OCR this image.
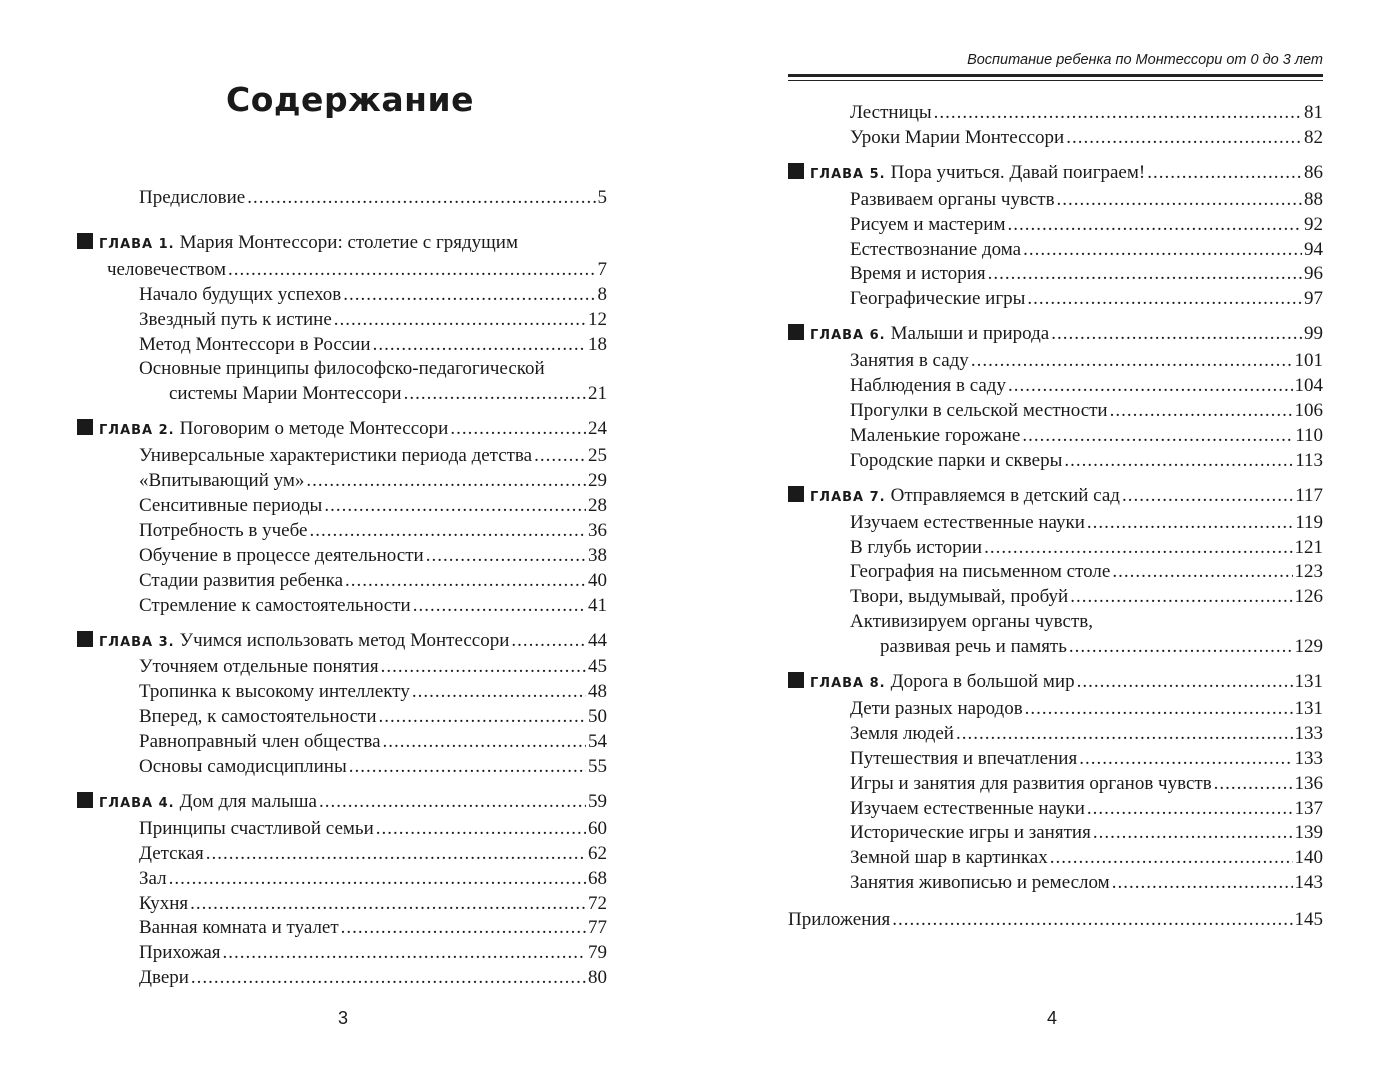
Содержание
Предисловие .....	5
ГЛАВА 1. Мария Монтессори: столетие с грядущим
человечеством .....	7
Начало будущих успехов .....	8
Звездный путь к истине .....	12
Метод Монтессори в России .....	18
Основные принципы философско-педагогической
системы Марии Монтессори .....	21
ГЛАВА 2. Поговорим о методе Монтессори .....	24
Универсальные характеристики периода детства .....	25
«Впитывающий ум» .....	29
Сенситивные периоды .....	28
Потребность в учебе .....	36
Обучение в процессе деятельности .....	38
Стадии развития ребенка .....	40
Стремление к самостоятельности .....	41
ГЛАВА 3. Учимся использовать метод Монтессори .....	44
Уточняем отдельные понятия .....	45
Тропинка к высокому интеллекту .....	48
Вперед, к самостоятельности .....	50
Равноправный член общества .....	54
Основы самодисциплины .....	55
ГЛАВА 4. Дом для малыша .....	59
Принципы счастливой семьи .....	60
Детская .....	62
Зал .....	68
Кухня .....	72
Ванная комната и туалет .....	77
Прихожая .....	79
Двери .....	80
3
Воспитание ребенка по Монтессори от 0 до 3 лет
Лестницы .....	81
Уроки Марии Монтессори .....	82
ГЛАВА 5. Пора учиться. Давай поиграем! .....	86
Развиваем органы чувств .....	88
Рисуем и мастерим .....	92
Естествознание дома .....	94
Время и история .....	96
Географические игры .....	97
ГЛАВА 6. Малыши и природа .....	99
Занятия в саду .....	101
Наблюдения в саду .....	104
Прогулки в сельской местности .....	106
Маленькие горожане .....	110
Городские парки и скверы .....	113
ГЛАВА 7. Отправляемся в детский сад .....	117
Изучаем естественные науки .....	119
В глубь истории .....	121
География на письменном столе .....	123
Твори, выдумывай, пробуй .....	126
Активизируем органы чувств,
развивая речь и память .....	129
ГЛАВА 8. Дорога в большой мир .....	131
Дети разных народов .....	131
Земля людей .....	133
Путешествия и впечатления .....	133
Игры и занятия для развития органов чувств .....	136
Изучаем естественные науки .....	137
Исторические игры и занятия .....	139
Земной шар в картинках .....	140
Занятия живописью и ремеслом .....	143
Приложения .....	145
4
